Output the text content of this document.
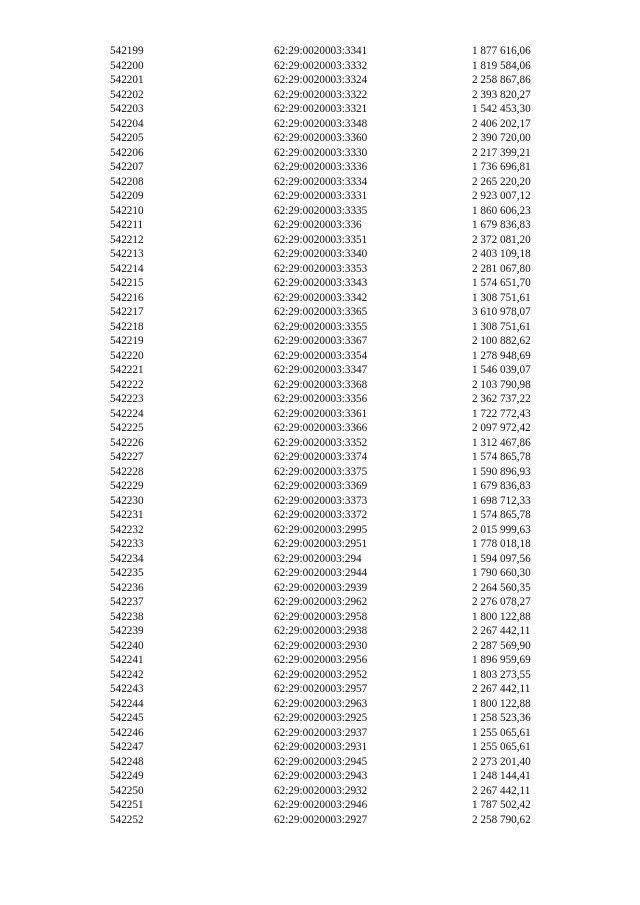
542199	62:29:0020003:3341	1 877 616,06
542200	62:29:0020003:3332	1 819 584,06
542201	62:29:0020003:3324	2 258 867,86
542202	62:29:0020003:3322	2 393 820,27
542203	62:29:0020003:3321	1 542 453,30
542204	62:29:0020003:3348	2 406 202,17
542205	62:29:0020003:3360	2 390 720,00
542206	62:29:0020003:3330	2 217 399,21
542207	62:29:0020003:3336	1 736 696,81
542208	62:29:0020003:3334	2 265 220,20
542209	62:29:0020003:3331	2 923 007,12
542210	62:29:0020003:3335	1 860 606,23
542211	62:29:0020003:336	1 679 836,83
542212	62:29:0020003:3351	2 372 081,20
542213	62:29:0020003:3340	2 403 109,18
542214	62:29:0020003:3353	2 281 067,80
542215	62:29:0020003:3343	1 574 651,70
542216	62:29:0020003:3342	1 308 751,61
542217	62:29:0020003:3365	3 610 978,07
542218	62:29:0020003:3355	1 308 751,61
542219	62:29:0020003:3367	2 100 882,62
542220	62:29:0020003:3354	1 278 948,69
542221	62:29:0020003:3347	1 546 039,07
542222	62:29:0020003:3368	2 103 790,98
542223	62:29:0020003:3356	2 362 737,22
542224	62:29:0020003:3361	1 722 772,43
542225	62:29:0020003:3366	2 097 972,42
542226	62:29:0020003:3352	1 312 467,86
542227	62:29:0020003:3374	1 574 865,78
542228	62:29:0020003:3375	1 590 896,93
542229	62:29:0020003:3369	1 679 836,83
542230	62:29:0020003:3373	1 698 712,33
542231	62:29:0020003:3372	1 574 865,78
542232	62:29:0020003:2995	2 015 999,63
542233	62:29:0020003:2951	1 778 018,18
542234	62:29:0020003:294	1 594 097,56
542235	62:29:0020003:2944	1 790 660,30
542236	62:29:0020003:2939	2 264 560,35
542237	62:29:0020003:2962	2 276 078,27
542238	62:29:0020003:2958	1 800 122,88
542239	62:29:0020003:2938	2 267 442,11
542240	62:29:0020003:2930	2 287 569,90
542241	62:29:0020003:2956	1 896 959,69
542242	62:29:0020003:2952	1 803 273,55
542243	62:29:0020003:2957	2 267 442,11
542244	62:29:0020003:2963	1 800 122,88
542245	62:29:0020003:2925	1 258 523,36
542246	62:29:0020003:2937	1 255 065,61
542247	62:29:0020003:2931	1 255 065,61
542248	62:29:0020003:2945	2 273 201,40
542249	62:29:0020003:2943	1 248 144,41
542250	62:29:0020003:2932	2 267 442,11
542251	62:29:0020003:2946	1 787 502,42
542252	62:29:0020003:2927	2 258 790,62
